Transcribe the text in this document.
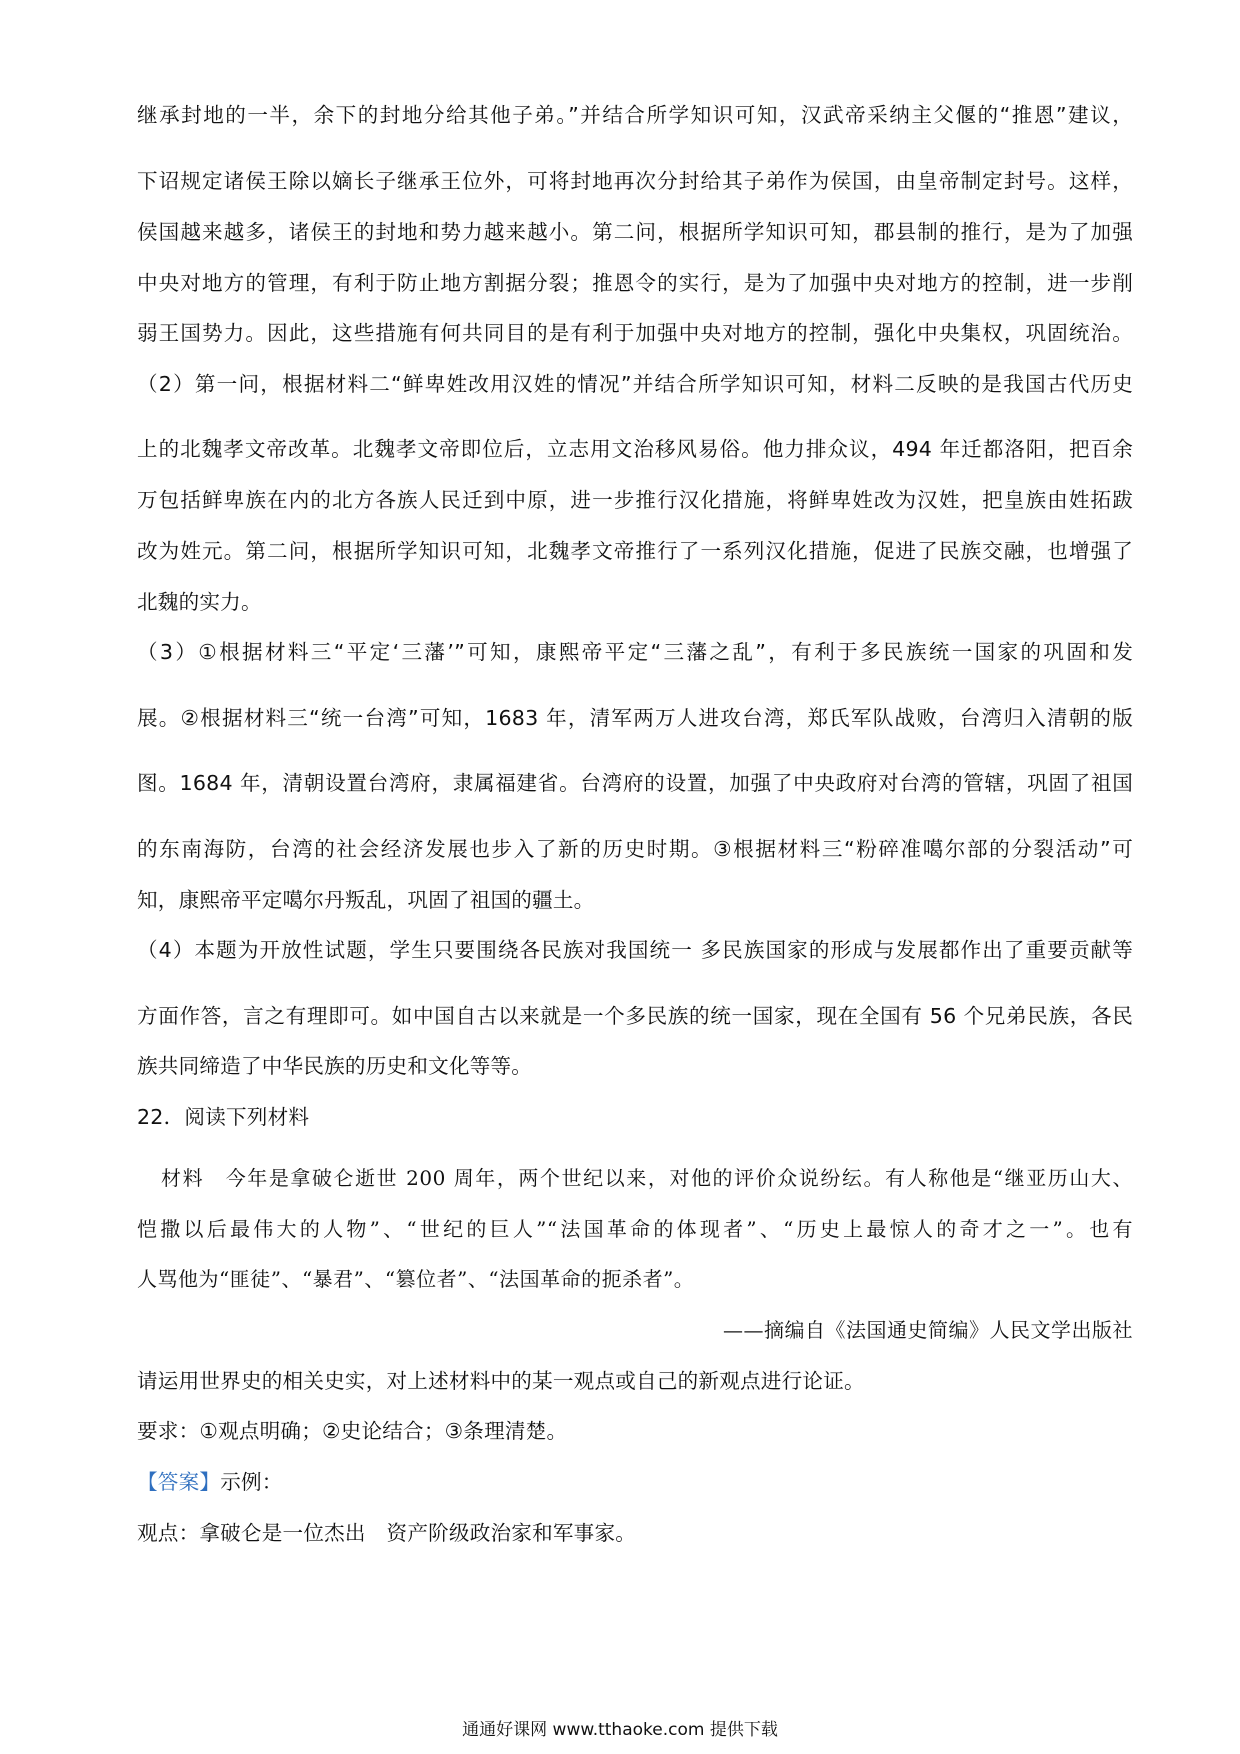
继承封地的一半，余下的封地分给其他子弟。”并结合所学知识可知，汉武帝采纳主父偃的“推恩”建议，
下诏规定诸侯王除以嫡长子继承王位外，可将封地再次分封给其子弟作为侯国，由皇帝制定封号。这样，
侯国越来越多，诸侯王的封地和势力越来越小。第二问，根据所学知识可知，郡县制的推行，是为了加强
中央对地方的管理，有利于防止地方割据分裂；推恩令的实行，是为了加强中央对地方的控制，进一步削
弱王国势力。因此，这些措施有何共同目的是有利于加强中央对地方的控制，强化中央集权，巩固统治。
（2）第一问，根据材料二“鲜卑姓改用汉姓的情况”并结合所学知识可知，材料二反映的是我国古代历史
上的北魏孝文帝改革。北魏孝文帝即位后，立志用文治移风易俗。他力排众议，494 年迁都洛阳，把百余
万包括鲜卑族在内的北方各族人民迁到中原，进一步推行汉化措施，将鲜卑姓改为汉姓，把皇族由姓拓跋
改为姓元。第二问，根据所学知识可知，北魏孝文帝推行了一系列汉化措施，促进了民族交融，也增强了
北魏的实力。
（3）①根据材料三“平定‘三藩’”可知，康熙帝平定“三藩之乱”，有利于多民族统一国家的巩固和发
展。②根据材料三“统一台湾”可知，1683 年，清军两万人进攻台湾，郑氏军队战败，台湾归入清朝的版
图。1684 年，清朝设置台湾府，隶属福建省。台湾府的设置，加强了中央政府对台湾的管辖，巩固了祖国
的东南海防，台湾的社会经济发展也步入了新的历史时期。③根据材料三“粉碎准噶尔部的分裂活动”可
知，康熙帝平定噶尔丹叛乱，巩固了祖国的疆土。
（4）本题为开放性试题，学生只要围绕各民族对我国统一 多民族国家的形成与发展都作出了重要贡献等
方面作答，言之有理即可。如中国自古以来就是一个多民族的统一国家，现在全国有 56 个兄弟民族，各民
族共同缔造了中华民族的历史和文化等等。
22．阅读下列材料
材料　今年是拿破仑逝世 200 周年，两个世纪以来，对他的评价众说纷纭。有人称他是“继亚历山大、
恺撒以后最伟大的人物”、“世纪的巨人”“法国革命的体现者”、“历史上最惊人的奇才之一”。也有
人骂他为“匪徒”、“暴君”、“篡位者”、“法国革命的扼杀者”。
——摘编自《法国通史简编》人民文学出版社
请运用世界史的相关史实，对上述材料中的某一观点或自己的新观点进行论证。
要求：①观点明确；②史论结合；③条理清楚。
【答案】示例：
观点：拿破仑是一位杰出　资产阶级政治家和军事家。
通通好课网 www.tthaoke.com 提供下载
